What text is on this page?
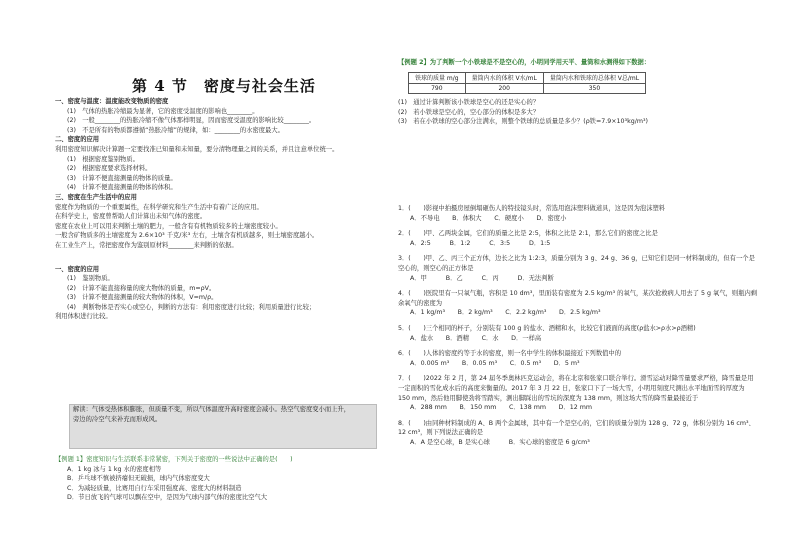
第 4 节　密度与社会生活

一、密度与温度：温度能改变物质的密度

(1)　气体的热胀冷缩最为显著，它的密度受温度的影响也________。

(2)　一般________的热胀冷缩不像气体那样明显，因而密度受温度的影响比较________。

(3)　不是所有的物质都遵循“热胀冷缩”的规律，如：________的水密度最大。

二、密度的应用

利用密度知识解决计算题一定要找准已知量和未知量，要分清物理量之间的关系，并且注意单位统一。

(1)　根据密度鉴别物质。

(2)　根据密度要求选择材料。

(3)　计算不便直接测量的物体的质量。

(4)　计算不便直接测量的物体的体积。

三、密度在生产生活中的应用

密度作为物质的一个重要属性，在科学研究和生产生活中有着广泛的应用。

在科学史上，密度曾帮助人们计算出未知气体的密度。

密度在农业上可以用来判断土壤的肥力，一般含有有机物质较多的土壤密度较小。

一般含矿物质多的土壤密度为 2.6×10³ 千克/米³ 左右，土壤含有机质越多，则土壤密度越小。

在工业生产上，常把密度作为鉴别原材料________来判断的依据。

一、密度的应用

(1)　鉴别物质。

(2)　计算不能直接称量的庞大物体的质量，m=ρV。

(3)　计算不便直接测量的较大物体的体积，V=m/ρ。

(4)　判断物体是否实心或空心，判断的方法有：利用密度进行比较；利用质量进行比较；

利用体积进行比较。

解读：气体受热体积膨胀，但质量不变，所以气体温度升高时密度会减小。热空气密度变小而上升，

旁边的冷空气来补充而形成风。

【例题 1】密度知识与生活联系非常紧密，下列关于密度的一些说法中正确的是(　　)

A．1 kg 冰与 1 kg 水的密度相等

B．乒乓球不慎被挤瘪但无破损，球内气体密度变大

C．为减轻质量，比赛用自行车采用强度高、密度大的材料制造

D．节日放飞的气球可以飘在空中，是因为气球内部气体的密度比空气大

【例题 2】为了判断一个小铁球是不是空心的，小明同学用天平、量筒和水测得如下数据：

铁球的质量 m/g	量筒内水的体积 V水/mL	量筒内水和铁球的总体积 V总/mL
790	200	350

(1)　通过计算判断该小铁球是空心的还是实心的？

(2)　若小铁球是空心的，空心部分的体积是多大？

(3)　若在小铁球的空心部分注满水，则整个铁球的总质量是多少？(ρ铁=7.9×10³kg/m³)

1．(　　)影视中拍摄房屋倒塌砸伤人的特技镜头时，常选用泡沫塑料做道具，这是因为泡沫塑料

A．不导电　　B．体积大　　C．硬度小　　D．密度小

2．(　　)甲、乙两块金属，它们的质量之比是 2:5，体积之比是 2:1，那么它们的密度之比是

A．2:5　　　B．1:2　　　C．3:5　　　D．1:5

3．(　　)甲、乙、丙三个正方体，边长之比为 1:2:3，质量分别为 3 g、24 g、36 g，已知它们是同一材料制成的，但有一个是空心的，则空心的正方体是

A．甲　　　B．乙　　　C．丙　　　D．无法判断

4．(　　)医院里有一只氧气瓶，容积是 10 dm³，里面装有密度为 2.5 kg/m³ 的氧气，某次抢救病人用去了 5 g 氧气，则瓶内剩余氧气的密度为

A．1 kg/m³　　B．2 kg/m³　　C．2.2 kg/m³　　D．2.5 kg/m³

5．(　　)三个相同的杯子，分别装有 100 g 的盐水、酒精和水，比较它们液面的高度(ρ盐水>ρ水>ρ酒精)

A．盐水　　B．酒精　　C．水　　D．一样高

6．(　　)人体的密度约等于水的密度，则一名中学生的体积最接近下列数值中的

A．0.005 m³　　B．0.05 m³　　C．0.5 m³　　D．5 m³

7．(　　)2022 年 2 月，第 24 届冬季奥林匹克运动会，将在北京和张家口联合举行。滑雪运动对降雪量要求严格，降雪量是用一定面积的雪化成水后的高度来衡量的。2017 年 3 月 22 日，张家口下了一场大雪，小明用刻度尺测出水平地面雪的厚度为 150 mm，然后他用脚使劲将雪踏实，测出脚踩出的雪坑的深度为 138 mm，则这场大雪的降雪量最接近于

A．288 mm　　B．150 mm　　C．138 mm　　D．12 mm

8．(　　)由同种材料制成的 A、B 两个金属球，其中有一个是空心的，它们的质量分别为 128 g、72 g，体积分别为 16 cm³、12 cm³，则下列说法正确的是

A．A 是空心球，B 是实心球　　　B．实心球的密度是 6 g/cm³
